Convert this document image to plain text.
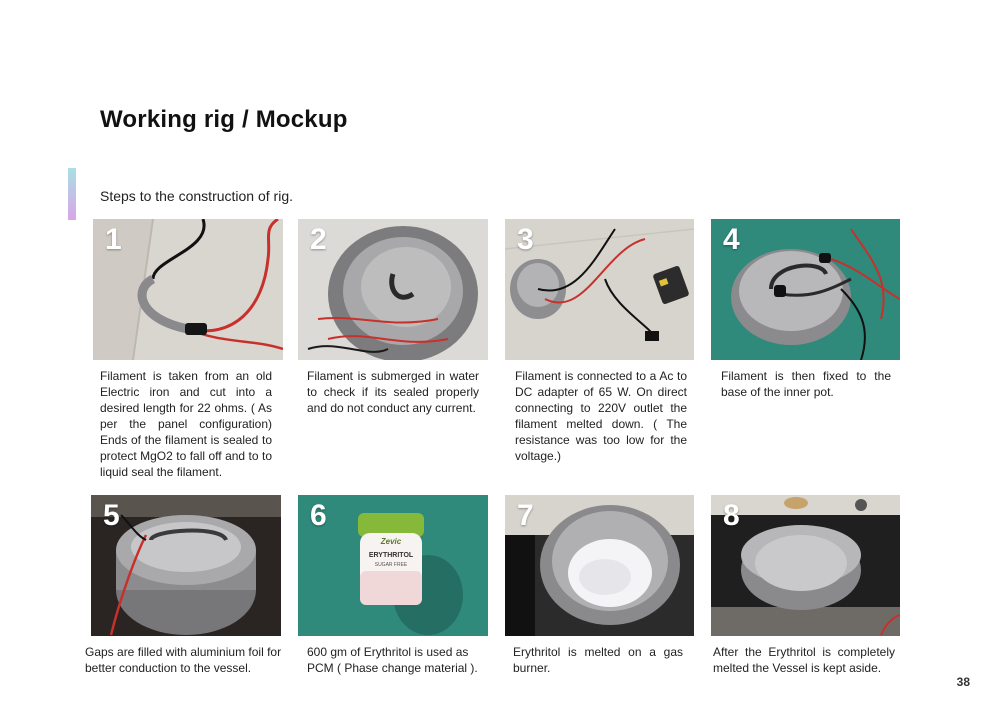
Working rig / Mockup
Steps to the construction of rig.
1
Filament is taken from an old Electric iron and cut into a desired length for 22 ohms. ( As per the panel configuration) Ends of the filament is sealed to protect MgO2 to fall off and to to liquid seal the filament.
2
Filament is submerged in water to check if its sealed properly and do not conduct any current.
3
Filament is connected to a Ac to DC adapter of 65 W. On direct connecting to 220V outlet the filament melted down. ( The resistance was too low for the voltage.)
4
Filament is then fixed to the base of the inner pot.
5
Gaps are filled with aluminium foil for better conduction to the vessel.
Zevic
ERYTHRITOL
SUGAR FREE
6
600 gm of Erythritol is used as PCM ( Phase change material ).
7
Erythritol is melted on a gas burner.
8
After the Erythritol is completely melted the Vessel is kept aside.
38
